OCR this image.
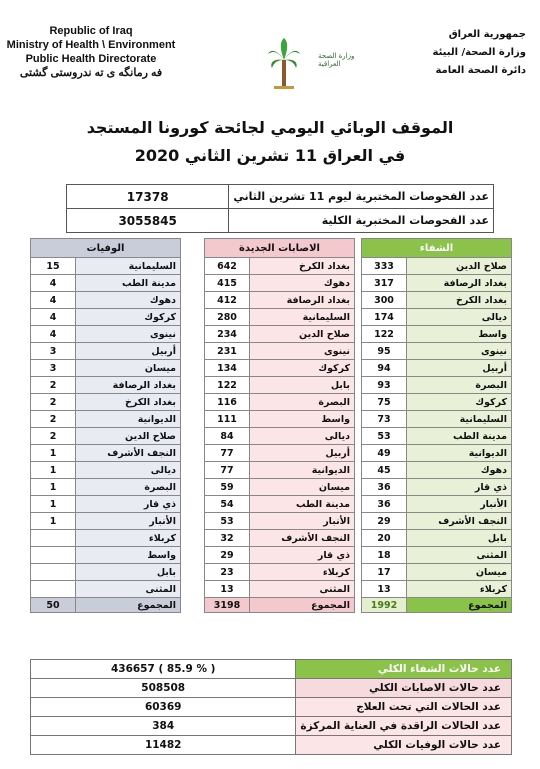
Republic of Iraq
Ministry of Health \ Environment
Public Health Directorate
فه رمانگه ی ته ندروستی گشتی
وزارة الصحة العراقية
جمهورية العراق
وزارة الصحة/ البيئة
دائرة الصحة العامة
الموقف الوبائي اليومي لجائحة كورونا المستجد
في العراق 11 تشرين الثاني 2020
17378	عدد الفحوصات المختبرية ليوم 11 تشرين الثاني
3055845	عدد الفحوصات المختبرية الكلية
الشفاء	
333	صلاح الدين
317	بغداد الرصافة
300	بغداد الكرخ
174	ديالى
122	واسط
95	نينوى
94	أربيل
93	البصرة
75	كركوك
73	السليمانية
53	مدينة الطب
49	الديوانية
45	دهوك
36	ذي قار
36	الأنبار
29	النجف الأشرف
20	بابل
18	المثنى
17	ميسان
13	كربلاء
1992	المجموع
الاصابات الجديدة	
642	بغداد الكرخ
415	دهوك
412	بغداد الرصافة
280	السليمانية
234	صلاح الدين
231	نينوى
134	كركوك
122	بابل
116	البصرة
111	واسط
84	ديالى
77	أربيل
77	الديوانية
59	ميسان
54	مدينة الطب
53	الأنبار
32	النجف الأشرف
29	ذي قار
23	كربلاء
13	المثنى
3198	المجموع
الوفيات	
15	السليمانية
4	مدينة الطب
4	دهوك
4	كركوك
4	نينوى
3	أربيل
3	ميسان
2	بغداد الرصافة
2	بغداد الكرخ
2	الديوانية
2	صلاح الدين
1	النجف الأشرف
1	ديالى
1	البصرة
1	ذي قار
1	الأنبار
	كربلاء
	واسط
	بابل
	المثنى
50	المجموع
436657 ( 85.9 % )	عدد حالات الشفاء الكلي
508508	عدد حالات الاصابات الكلي
60369	عدد الحالات التي تحت العلاج
384	عدد الحالات الراقدة في العناية المركزة
11482	عدد حالات الوفيات الكلي
